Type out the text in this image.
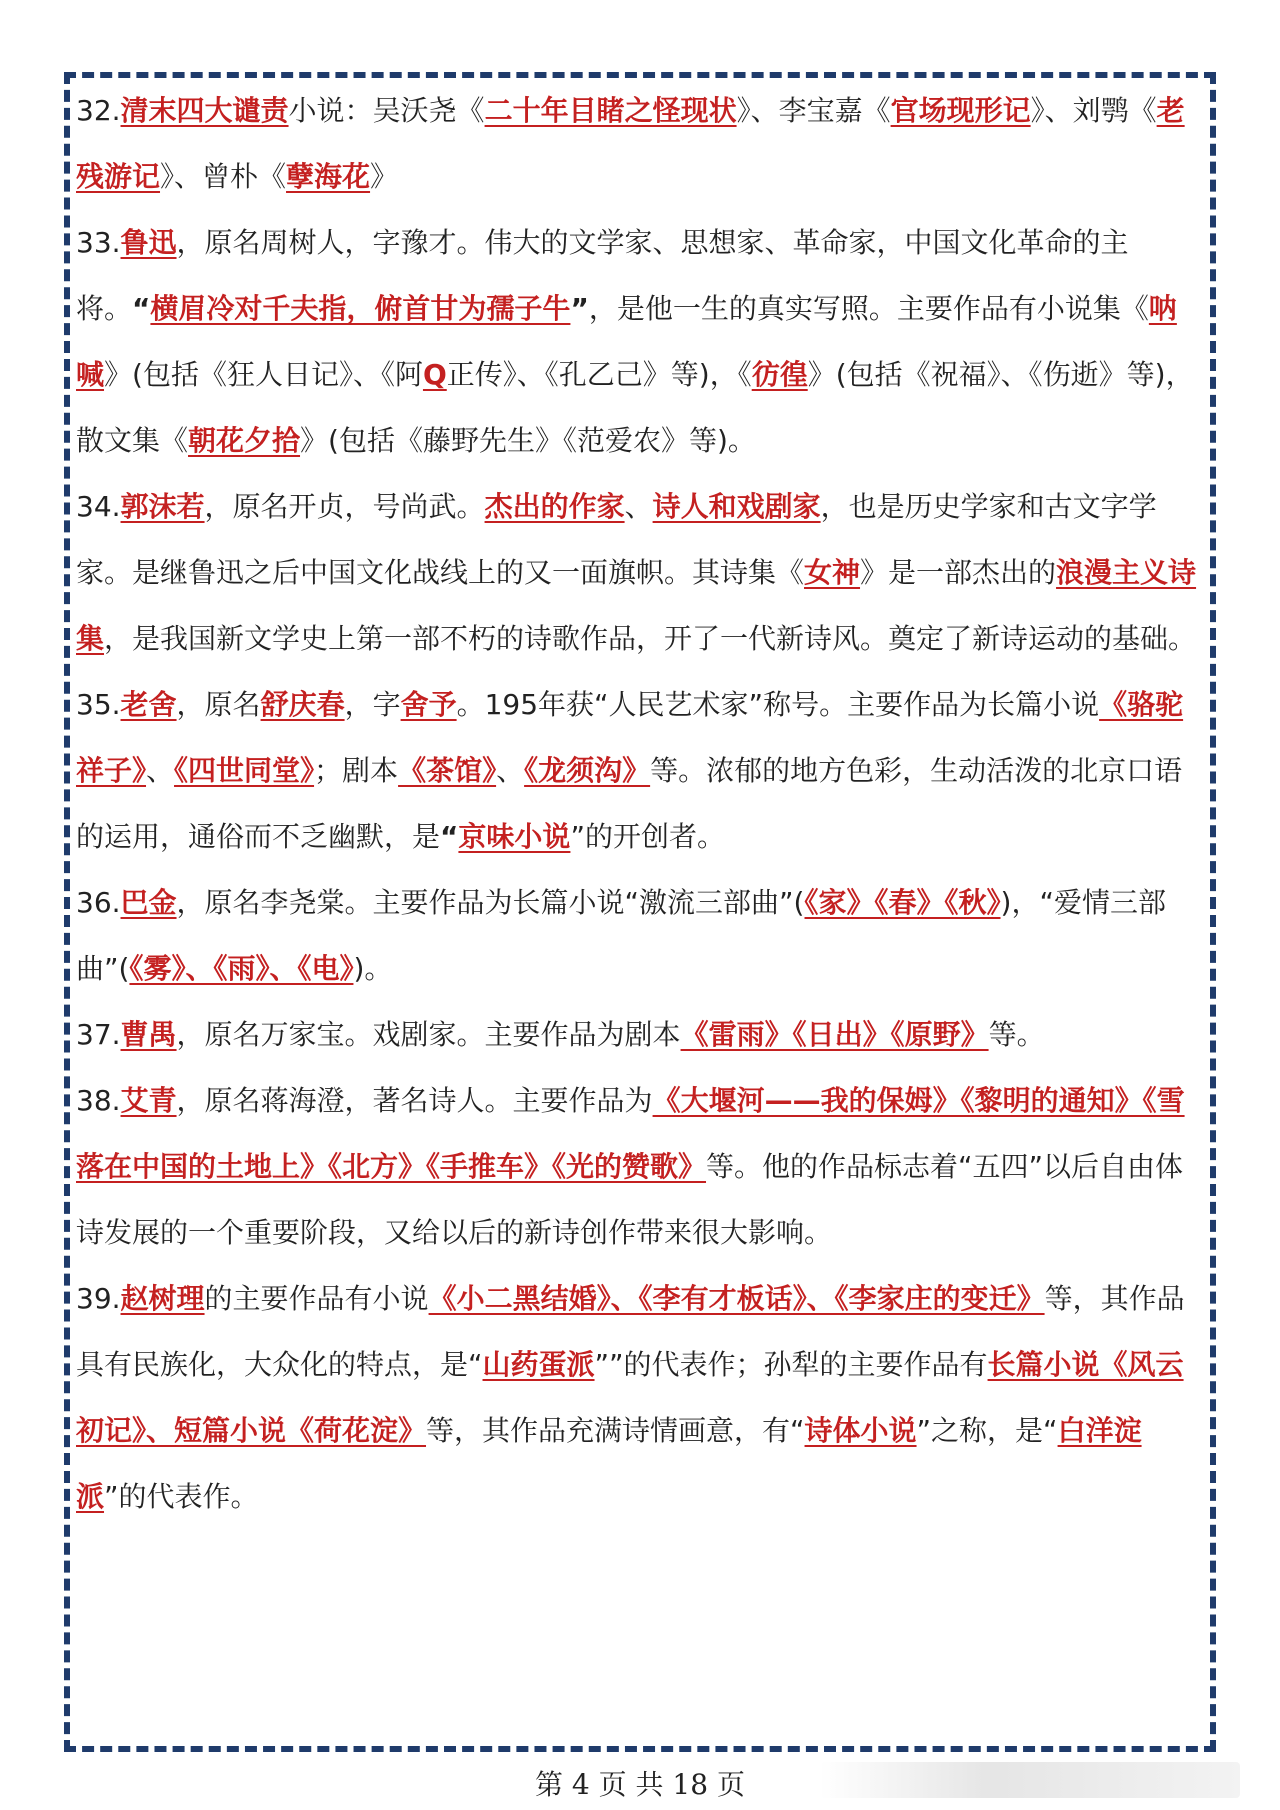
32.清末四大谴责小说：吴沃尧《二十年目睹之怪现状》、李宝嘉《官场现形记》、刘鹗《老残游记》、曾朴《孽海花》

33.鲁迅，原名周树人，字豫才。伟大的文学家、思想家、革命家，中国文化革命的主将。“横眉冷对千夫指，俯首甘为孺子牛”，是他一生的真实写照。主要作品有小说集《呐喊》(包括《狂人日记》、《阿Q正传》、《孔乙己》等)，《彷徨》(包括《祝福》、《伤逝》等)，散文集《朝花夕拾》(包括《藤野先生》《范爱农》等)。

34.郭沫若，原名开贞，号尚武。杰出的作家、诗人和戏剧家，也是历史学家和古文字学家。是继鲁迅之后中国文化战线上的又一面旗帜。其诗集《女神》是一部杰出的浪漫主义诗集，是我国新文学史上第一部不朽的诗歌作品，开了一代新诗风。奠定了新诗运动的基础。

35.老舍，原名舒庆春，字舍予。195年获“人民艺术家”称号。主要作品为长篇小说《骆驼祥子》、《四世同堂》；剧本《茶馆》、《龙须沟》等。浓郁的地方色彩，生动活泼的北京口语的运用，通俗而不乏幽默，是“京味小说”的开创者。

36.巴金，原名李尧棠。主要作品为长篇小说“激流三部曲”(《家》《春》《秋》)，“爱情三部曲”(《雾》、《雨》、《电》)。

37.曹禺，原名万家宝。戏剧家。主要作品为剧本《雷雨》《日出》《原野》等。

38.艾青，原名蒋海澄，著名诗人。主要作品为《大堰河——我的保姆》《黎明的通知》《雪落在中国的土地上》《北方》《手推车》《光的赞歌》等。他的作品标志着“五四”以后自由体诗发展的一个重要阶段，又给以后的新诗创作带来很大影响。

39.赵树理的主要作品有小说《小二黑结婚》、《李有才板话》、《李家庄的变迁》等，其作品具有民族化，大众化的特点，是“山药蛋派””的代表作；孙犁的主要作品有长篇小说《风云初记》、短篇小说《荷花淀》等，其作品充满诗情画意，有“诗体小说”之称，是“白洋淀派”的代表作。

第 4 页 共 18 页
